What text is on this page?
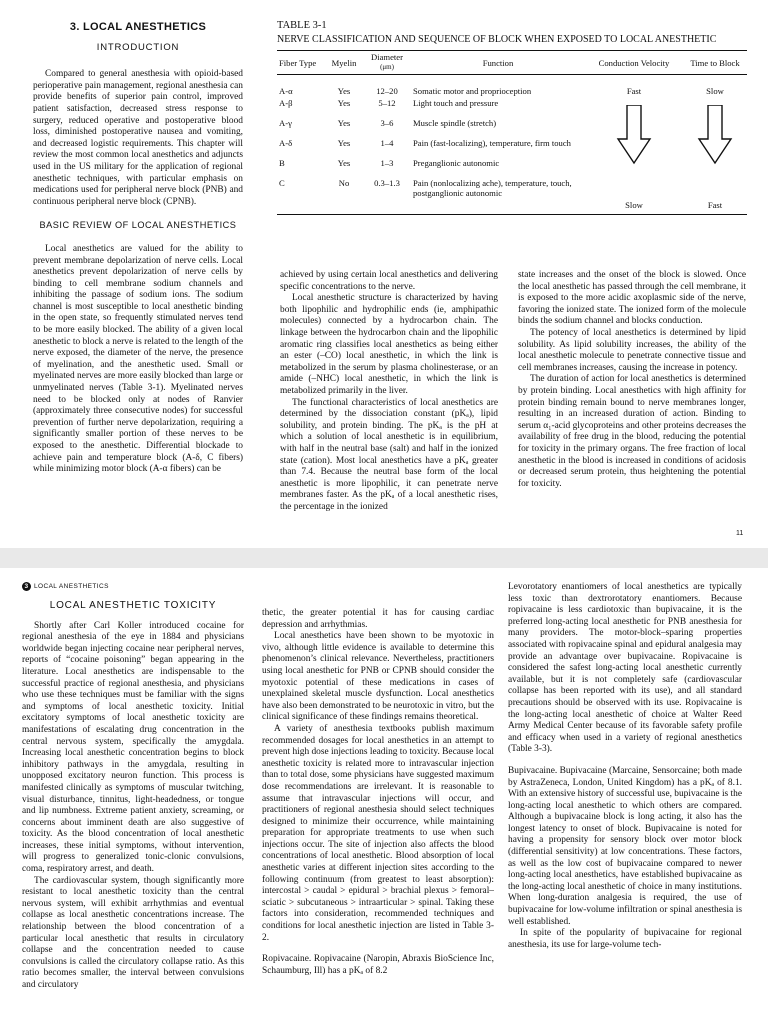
3. LOCAL ANESTHETICS
INTRODUCTION

Compared to general anesthesia with opioid-based perioperative pain management, regional anesthesia can provide benefits of superior pain control, improved patient satisfaction, decreased stress response to surgery, reduced operative and postoperative blood loss, diminished postoperative nausea and vomiting, and decreased logistic requirements. This chapter will review the most common local anesthetics and adjuncts used in the US military for the application of regional anesthetic techniques, with particular emphasis on medications used for peripheral nerve block (PNB) and continuous peripheral nerve block (CPNB).

BASIC REVIEW OF LOCAL ANESTHETICS

Local anesthetics are valued for the ability to prevent membrane depolarization of nerve cells. Local anesthetics prevent depolarization of nerve cells by binding to cell membrane sodium channels and inhibiting the passage of sodium ions. The sodium channel is most susceptible to local anesthetic binding in the open state, so frequently stimulated nerves tend to be more easily blocked. The ability of a given local anesthetic to block a nerve is related to the length of the nerve exposed, the diameter of the nerve, the presence of myelination, and the anesthetic used. Small or myelinated nerves are more easily blocked than large or unmyelinated nerves (Table 3-1). Myelinated nerves need to be blocked only at nodes of Ranvier (approximately three consecutive nodes) for successful prevention of further nerve depolarization, requiring a significantly smaller portion of these nerves to be exposed to the anesthetic. Differential blockade to achieve pain and temperature block (A-δ, C fibers) while minimizing motor block (A-α fibers) can be

TABLE 3-1
NERVE CLASSIFICATION AND SEQUENCE OF BLOCK WHEN EXPOSED TO LOCAL ANESTHETIC
Fiber Type	Myelin	Diameter
(μm)	Function	Conduction Velocity	Time to Block
A-α	Yes	12–20	Somatic motor and proprioception	Fast	Slow
A-β	Yes	5–12	Light touch and pressure		
A-γ	Yes	3–6	Muscle spindle (stretch)		
A-δ	Yes	1–4	Pain (fast-localizing), temperature, firm touch		
B	Yes	1–3	Preganglionic autonomic		
C	No	0.3–1.3	Pain (nonlocalizing ache), temperature, touch, postganglionic autonomic		
				Slow	Fast

achieved by using certain local anesthetics and delivering specific concentrations to the nerve.

Local anesthetic structure is characterized by having both lipophilic and hydrophilic ends (ie, amphipathic molecules) connected by a hydrocarbon chain. The linkage between the hydrocarbon chain and the lipophilic aromatic ring classifies local anesthetics as being either an ester (–CO) local anesthetic, in which the link is metabolized in the serum by plasma cholinesterase, or an amide (–NHC) local anesthetic, in which the link is metabolized primarily in the liver.

The functional characteristics of local anesthetics are determined by the dissociation constant (pKₐ), lipid solubility, and protein binding. The pKₐ is the pH at which a solution of local anesthetic is in equilibrium, with half in the neutral base (salt) and half in the ionized state (cation). Most local anesthetics have a pKₐ greater than 7.4. Because the neutral base form of the local anesthetic is more lipophilic, it can penetrate nerve membranes faster. As the pKₐ of a local anesthetic rises, the percentage in the ionized

state increases and the onset of the block is slowed. Once the local anesthetic has passed through the cell membrane, it is exposed to the more acidic axoplasmic side of the nerve, favoring the ionized state. The ionized form of the molecule binds the sodium channel and blocks conduction.

The potency of local anesthetics is determined by lipid solubility. As lipid solubility increases, the ability of the local anesthetic molecule to penetrate connective tissue and cell membranes increases, causing the increase in potency.

The duration of action for local anesthetics is determined by protein binding. Local anesthetics with high affinity for protein binding remain bound to nerve membranes longer, resulting in an increased duration of action. Binding to serum α₁-acid glycoproteins and other proteins decreases the availability of free drug in the blood, reducing the potential for toxicity in the primary organs. The free fraction of local anesthetic in the blood is increased in conditions of acidosis or decreased serum protein, thus heightening the potential for toxicity.

11
3 LOCAL ANESTHETICS
LOCAL ANESTHETIC TOXICITY

Shortly after Carl Koller introduced cocaine for regional anesthesia of the eye in 1884 and physicians worldwide began injecting cocaine near peripheral nerves, reports of “cocaine poisoning” began appearing in the literature. Local anesthetics are indispensable to the successful practice of regional anesthesia, and physicians who use these techniques must be familiar with the signs and symptoms of local anesthetic toxicity. Initial excitatory symptoms of local anesthetic toxicity are manifestations of escalating drug concentration in the central nervous system, specifically the amygdala. Increasing local anesthetic concentration begins to block inhibitory pathways in the amygdala, resulting in unopposed excitatory neuron function. This process is manifested clinically as symptoms of muscular twitching, visual disturbance, tinnitus, light-headedness, or tongue and lip numbness. Extreme patient anxiety, screaming, or concerns about imminent death are also suggestive of toxicity. As the blood concentration of local anesthetic increases, these initial symptoms, without intervention, will progress to generalized tonic-clonic convulsions, coma, respiratory arrest, and death.

The cardiovascular system, though significantly more resistant to local anesthetic toxicity than the central nervous system, will exhibit arrhythmias and eventual collapse as local anesthetic concentrations increase. The relationship between the blood concentration of a particular local anesthetic that results in circulatory collapse and the concentration needed to cause convulsions is called the circulatory collapse ratio. As this ratio becomes smaller, the interval between convulsions and circulatory

thetic, the greater potential it has for causing cardiac depression and arrhythmias.

Local anesthetics have been shown to be myotoxic in vivo, although little evidence is available to determine this phenomenon’s clinical relevance. Nevertheless, practitioners using local anesthetic for PNB or CPNB should consider the myotoxic potential of these medications in cases of unexplained skeletal muscle dysfunction. Local anesthetics have also been demonstrated to be neurotoxic in vitro, but the clinical significance of these findings remains theoretical.

A variety of anesthesia textbooks publish maximum recommended dosages for local anesthetics in an attempt to prevent high dose injections leading to toxicity. Because local anesthetic toxicity is related more to intravascular injection than to total dose, some physicians have suggested maximum dose recommendations are irrelevant. It is reasonable to assume that intravascular injections will occur, and practitioners of regional anesthesia should select techniques designed to minimize their occurrence, while maintaining preparation for appropriate treatments to use when such injections occur. The site of injection also affects the blood concentrations of local anesthetic. Blood absorption of local anesthetic varies at different injection sites according to the following continuum (from greatest to least absorption): intercostal > caudal > epidural > brachial plexus > femoral–sciatic > subcutaneous > intraarticular > spinal. Taking these factors into consideration, recommended techniques and conditions for local anesthetic injection are listed in Table 3-2.

Ropivacaine. Ropivacaine (Naropin, Abraxis BioScience Inc, Schaumburg, Ill) has a pKₐ of 8.2

Levorotatory enantiomers of local anesthetics are typically less toxic than dextrorotatory enantiomers. Because ropivacaine is less cardiotoxic than bupivacaine, it is the preferred long-acting local anesthetic for PNB anesthesia for many providers. The motor-block–sparing properties associated with ropivacaine spinal and epidural analgesia may provide an advantage over bupivacaine. Ropivacaine is considered the safest long-acting local anesthetic currently available, but it is not completely safe (cardiovascular collapse has been reported with its use), and all standard precautions should be observed with its use. Ropivacaine is the long-acting local anesthetic of choice at Walter Reed Army Medical Center because of its favorable safety profile and efficacy when used in a variety of regional anesthetics (Table 3-3).

Bupivacaine. Bupivacaine (Marcaine, Sensorcaine; both made by AstraZeneca, London, United Kingdom) has a pKₐ of 8.1. With an extensive history of successful use, bupivacaine is the long-acting local anesthetic to which others are compared. Although a bupivacaine block is long acting, it also has the longest latency to onset of block. Bupivacaine is noted for having a propensity for sensory block over motor block (differential sensitivity) at low concentrations. These factors, as well as the low cost of bupivacaine compared to newer long-acting local anesthetics, have established bupivacaine as the long-acting local anesthetic of choice in many institutions. When long-duration analgesia is required, the use of bupivacaine for low-volume infiltration or spinal anesthesia is well established.

In spite of the popularity of bupivacaine for regional anesthesia, its use for large-volume tech-
